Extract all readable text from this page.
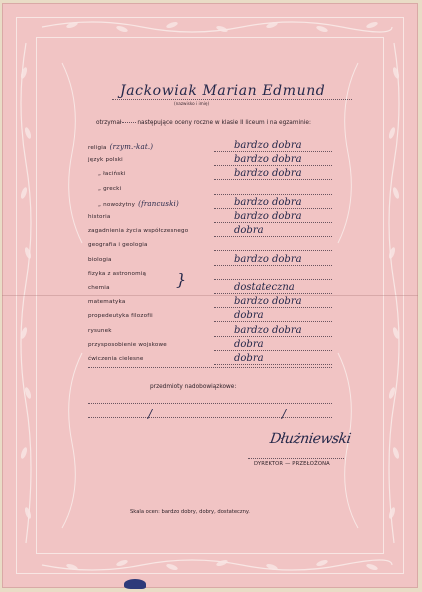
Jackowiak Marian Edmund
(nazwisko i imię)
otrzymał następujące oceny roczne w klasie II liceum i na egzaminie:
religia (rzym.-kat.)	bardzo dobra
język polski	bardzo dobra
„ łaciński	bardzo dobra
„ grecki
„ nowożytny (francuski)	bardzo dobra
historia	bardzo dobra
zagadnienia życia współczesnego	dobra
geografia i geologia
biologia	bardzo dobra
fizyka z astronomią
chemia	dostateczna
matematyka	bardzo dobra
propedeutyka filozofii	dobra
rysunek	bardzo dobra
przysposobienie wojskowe	dobra
ćwiczenia cielesne	dobra
}
przedmioty nadobowiązkowe:
/	/
Dłużniewski
DYREKTOR — PRZEŁOŻONA
Skala ocen: bardzo dobry, dobry, dostateczny.
